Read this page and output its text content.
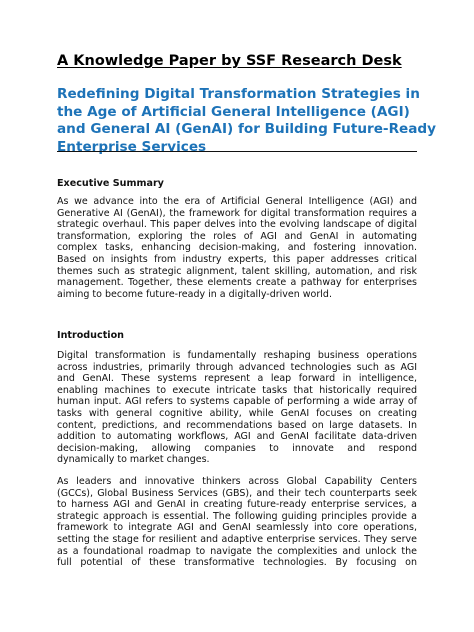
A Knowledge Paper by SSF Research Desk
Redefining Digital Transformation Strategies in
the Age of Artificial General Intelligence (AGI)
and General AI (GenAI) for Building Future-Ready
Enterprise Services
Executive Summary

As we advance into the era of Artificial General Intelligence (AGI) and
Generative AI (GenAI), the framework for digital transformation requires a
strategic overhaul. This paper delves into the evolving landscape of digital
transformation, exploring the roles of AGI and GenAI in automating
complex tasks, enhancing decision-making, and fostering innovation.
Based on insights from industry experts, this paper addresses critical
themes such as strategic alignment, talent skilling, automation, and risk
management. Together, these elements create a pathway for enterprises
aiming to become future-ready in a digitally-driven world.

Introduction

Digital transformation is fundamentally reshaping business operations
across industries, primarily through advanced technologies such as AGI
and GenAI. These systems represent a leap forward in intelligence,
enabling machines to execute intricate tasks that historically required
human input. AGI refers to systems capable of performing a wide array of
tasks with general cognitive ability, while GenAI focuses on creating
content, predictions, and recommendations based on large datasets. In
addition to automating workflows, AGI and GenAI facilitate data-driven
decision-making, allowing companies to innovate and respond
dynamically to market changes.

As leaders and innovative thinkers across Global Capability Centers
(GCCs), Global Business Services (GBS), and their tech counterparts seek
to harness AGI and GenAI in creating future-ready enterprise services, a
strategic approach is essential. The following guiding principles provide a
framework to integrate AGI and GenAI seamlessly into core operations,
setting the stage for resilient and adaptive enterprise services. They serve
as a foundational roadmap to navigate the complexities and unlock the
full potential of these transformative technologies. By focusing on
